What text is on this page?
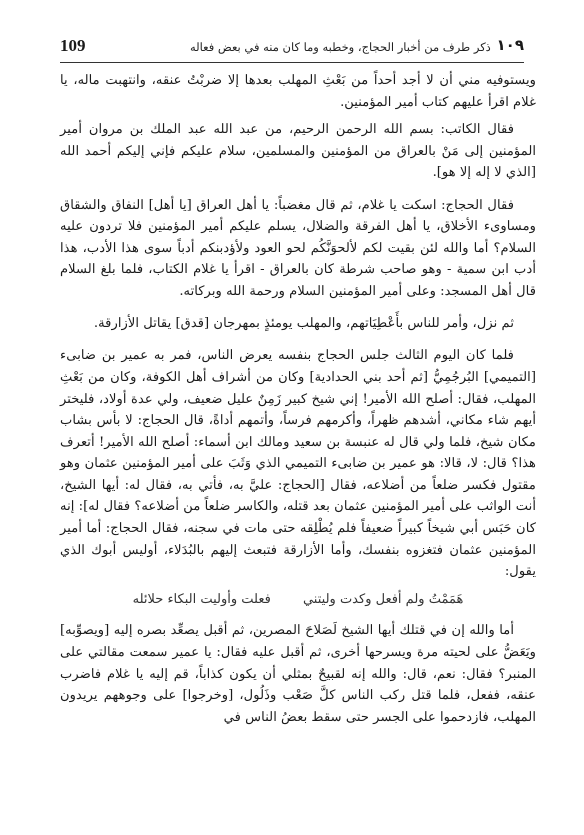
109	ذكر طرف من أخبار الحجاج، وخطبه وما كان منه في بعض فعاله ١٠٩

ويستوفيه مني أن لا أجد أحداً من بَعْثِ المهلب بعدها إلا ضربْتُ عنقه، وانتهبت ماله، يا غلام اقرأ عليهم كتاب أمير المؤمنين.

فقال الكاتب: بسم الله الرحمن الرحيم، من عبد الله عبد الملك بن مروان أمير المؤمنين إلى مَنْ بالعراق من المؤمنين والمسلمين، سلام عليكم فإني إليكم أحمد الله [الذي لا إله إلا هو].

فقال الحجاج: اسكت يا غلام، ثم قال مغضباً: يا أهل العراق [يا أهل] النفاق والشقاق ومساوىء الأخلاق، يا أهل الفرقة والضلال، يسلم عليكم أمير المؤمنين فلا تردون عليه السلام؟ أما والله لئن بقيت لكم لألحوَنَّكُم لحو العود ولأؤدبنكم أدباً سوى هذا الأدب، هذا أدب ابن سمية - وهو صاحب شرطة كان بالعراق - اقرأ يا غلام الكتاب، فلما بلغ السلام قال أهل المسجد: وعلى أمير المؤمنين السلام ورحمة الله وبركاته.

ثم نزل، وأمر للناس بأَعْطِيَاتهم، والمهلب يومئذٍ بمهرجان [قدق] يقاتل الأزارقة.

فلما كان اليوم الثالث جلس الحجاج بنفسه يعرض الناس، فمر به عمير بن ضابىء [التميمي] البُرجُمِيُّ [ثم أحد بني الحدادية] وكان من أشراف أهل الكوفة، وكان من بَعْثِ المهلب، فقال: أصلح الله الأمير! إني شيخ كبير زَمِنٌ عليل ضعيف، ولي عدة أولاد، فليختر أيهم شاء مكاني، أشدهم ظهراً، وأكرمهم فرساً، وأتمهم أداةً، قال الحجاج: لا بأس بشاب مكان شيخ، فلما ولي قال له عنبسة بن سعيد ومالك ابن أسماء: أصلح الله الأمير! أتعرف هذا؟ قال: لا، قالا: هو عمير بن ضابىء التميمي الذي وَثَبَ على أمير المؤمنين عثمان وهو مقتول فكسر ضلعاً من أضلاعه، فقال [الحجاج: عليَّ به، فأتي به، فقال له: أيها الشيخ، أنت الواثب على أمير المؤمنين عثمان بعد قتله، والكاسر ضلعاً من أضلاعه؟ فقال له]: إنه كان حَبَس أبي شيخاً كبيراً ضعيفاً فلم يُطْلِقه حتى مات في سجنه، فقال الحجاج: أما أمير المؤمنين عثمان فتغزوه بنفسك، وأما الأزارقة فتبعث إليهم بالبُدَلاء، أوليس أبوك الذي يقول:

هَمَمْتُ ولم أفعل وكدت وليتني فعلت وأوليت البكاء حلائله

أما والله إن في قتلك أيها الشيخ لَصَلاحَ المصرين، ثم أقبل يصعِّد بصره إليه [ويصوِّبه] ويَعَضُّ على لحيته مرة ويسرحها أخرى، ثم أقبل عليه فقال: يا عمير سمعت مقالتي على المنبر؟ فقال: نعم، قال: والله إنه لقبيحٌ بمثلي أن يكون كذاباً، قم إليه يا غلام فاضرب عنقه، ففعل، فلما قتل ركب الناس كلَّ صَعْب وذَلُول، [وخرجوا] على وجوههم يريدون المهلب، فازدحموا على الجسر حتى سقط بعضُ الناس في
